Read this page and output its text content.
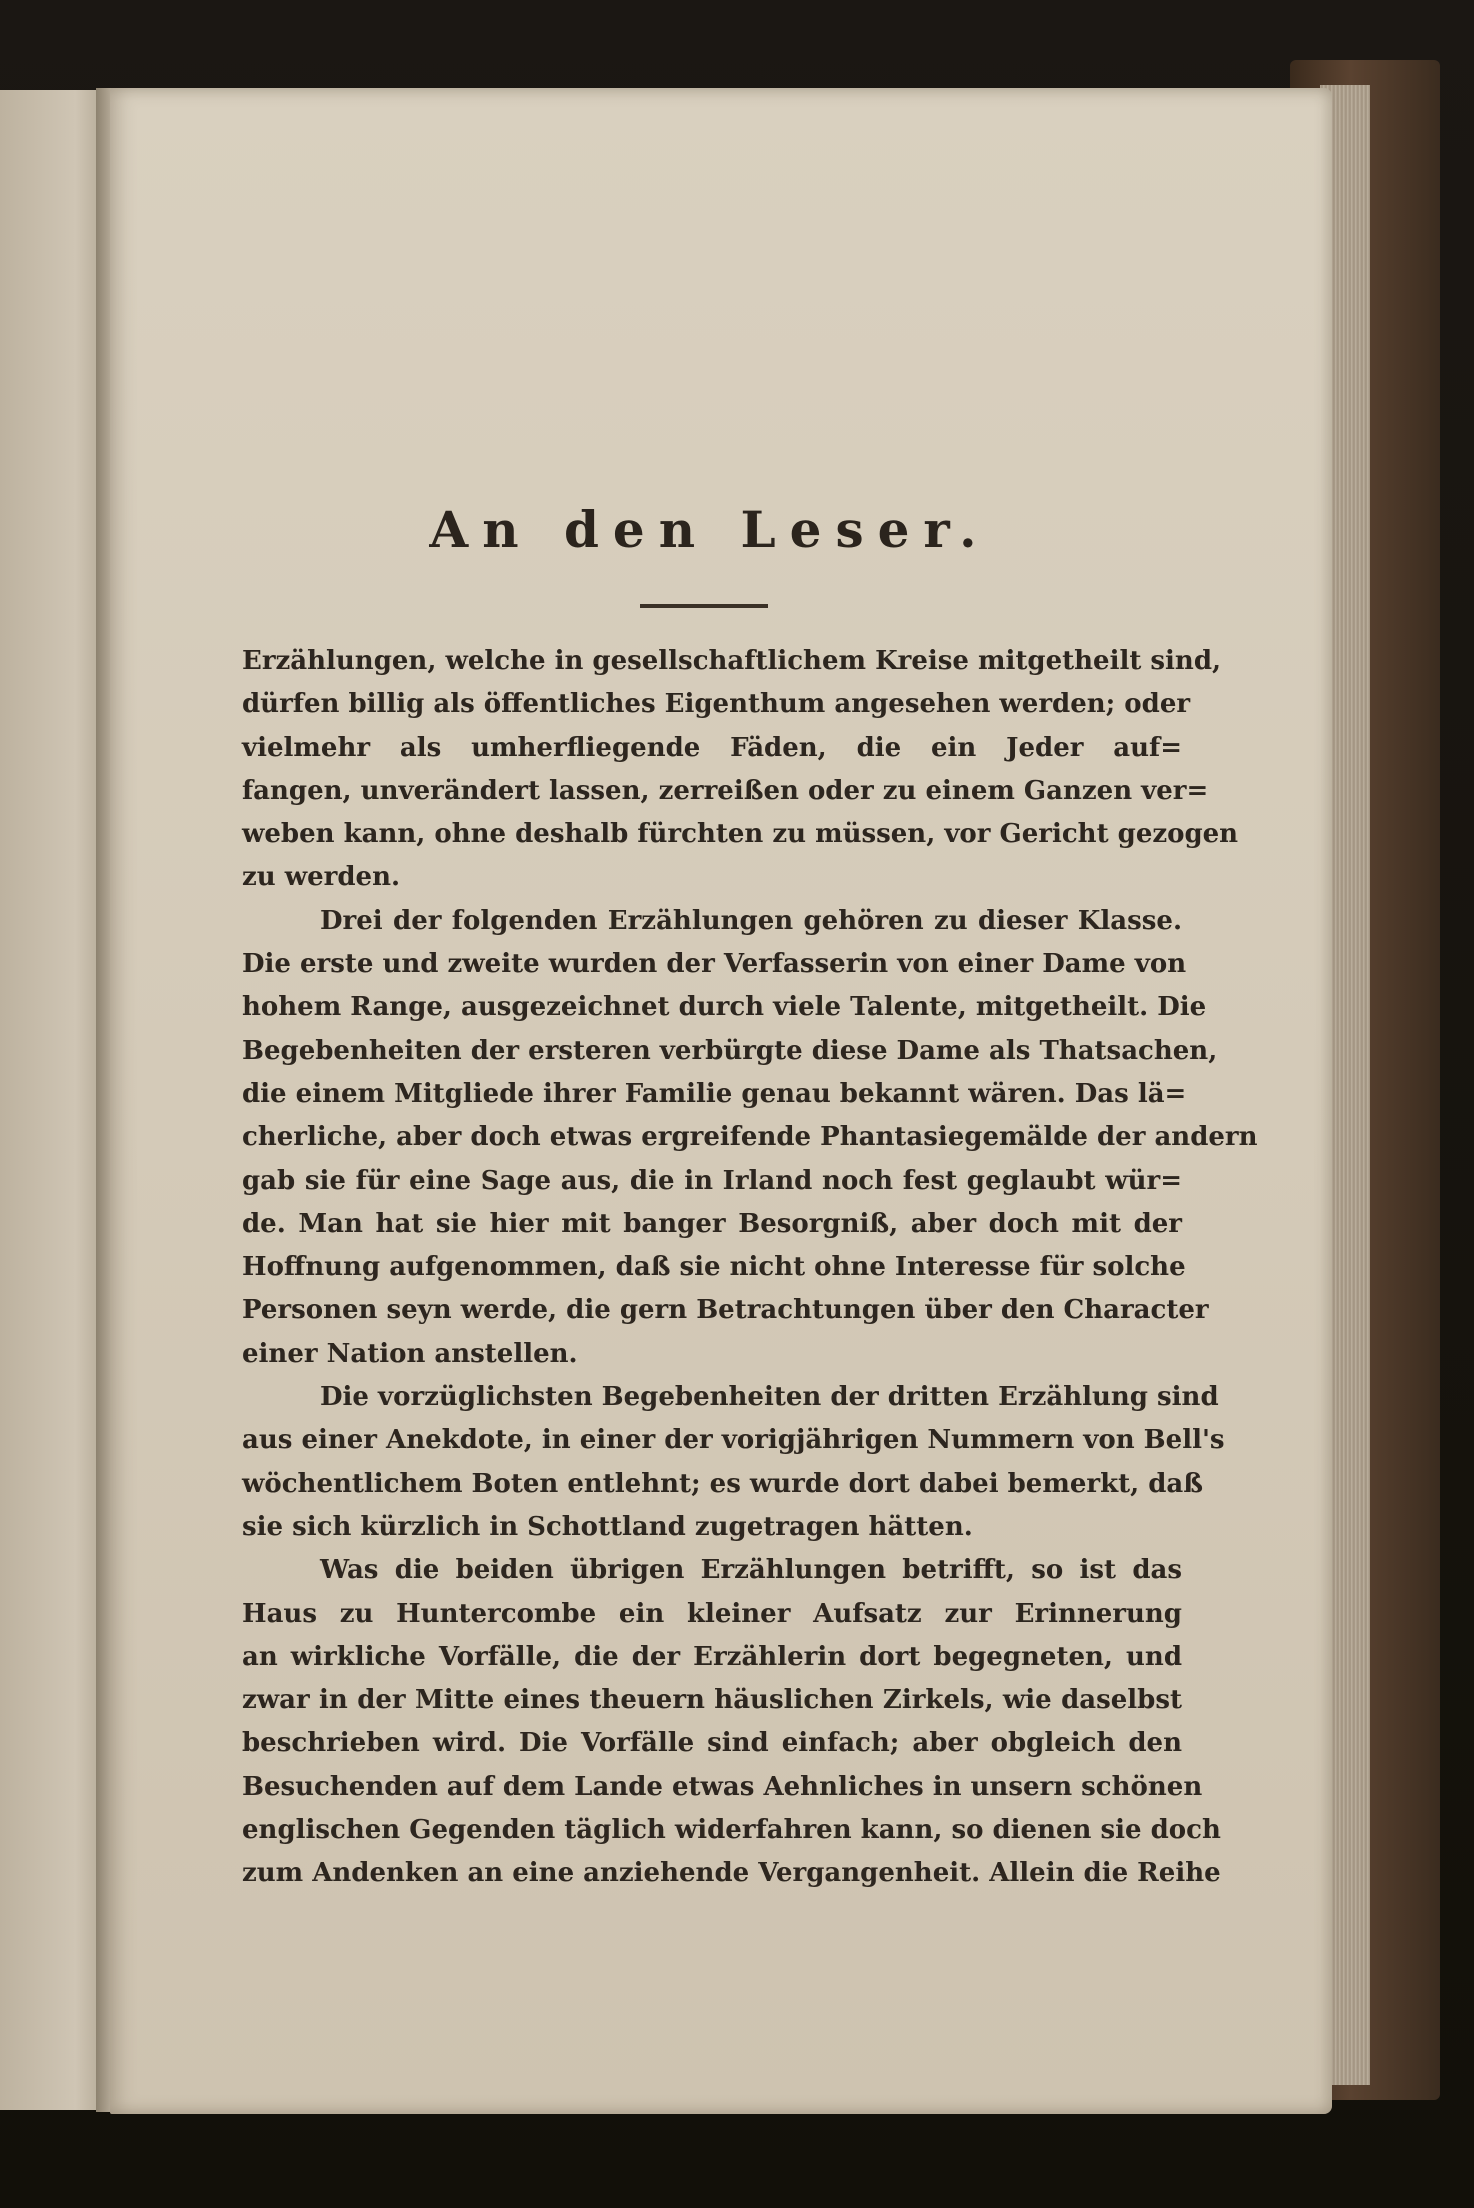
An den Leser.
Erzählungen, welche in gesellschaftlichem Kreise mitgetheilt sind,
dürfen billig als öffentliches Eigenthum angesehen werden; oder
vielmehr als umherfliegende Fäden, die ein Jeder auf=
fangen, unverändert lassen, zerreißen oder zu einem Ganzen ver=
weben kann, ohne deshalb fürchten zu müssen, vor Gericht gezogen
zu werden.
Drei der folgenden Erzählungen gehören zu dieser Klasse.
Die erste und zweite wurden der Verfasserin von einer Dame von
hohem Range, ausgezeichnet durch viele Talente, mitgetheilt. Die
Begebenheiten der ersteren verbürgte diese Dame als Thatsachen,
die einem Mitgliede ihrer Familie genau bekannt wären. Das lä=
cherliche, aber doch etwas ergreifende Phantasiegemälde der andern
gab sie für eine Sage aus, die in Irland noch fest geglaubt wür=
de. Man hat sie hier mit banger Besorgniß, aber doch mit der
Hoffnung aufgenommen, daß sie nicht ohne Interesse für solche
Personen seyn werde, die gern Betrachtungen über den Character
einer Nation anstellen.
Die vorzüglichsten Begebenheiten der dritten Erzählung sind
aus einer Anekdote, in einer der vorigjährigen Nummern von Bell's
wöchentlichem Boten entlehnt; es wurde dort dabei bemerkt, daß
sie sich kürzlich in Schottland zugetragen hätten.
Was die beiden übrigen Erzählungen betrifft, so ist das
Haus zu Huntercombe ein kleiner Aufsatz zur Erinnerung
an wirkliche Vorfälle, die der Erzählerin dort begegneten, und
zwar in der Mitte eines theuern häuslichen Zirkels, wie daselbst
beschrieben wird. Die Vorfälle sind einfach; aber obgleich den
Besuchenden auf dem Lande etwas Aehnliches in unsern schönen
englischen Gegenden täglich widerfahren kann, so dienen sie doch
zum Andenken an eine anziehende Vergangenheit. Allein die Reihe
